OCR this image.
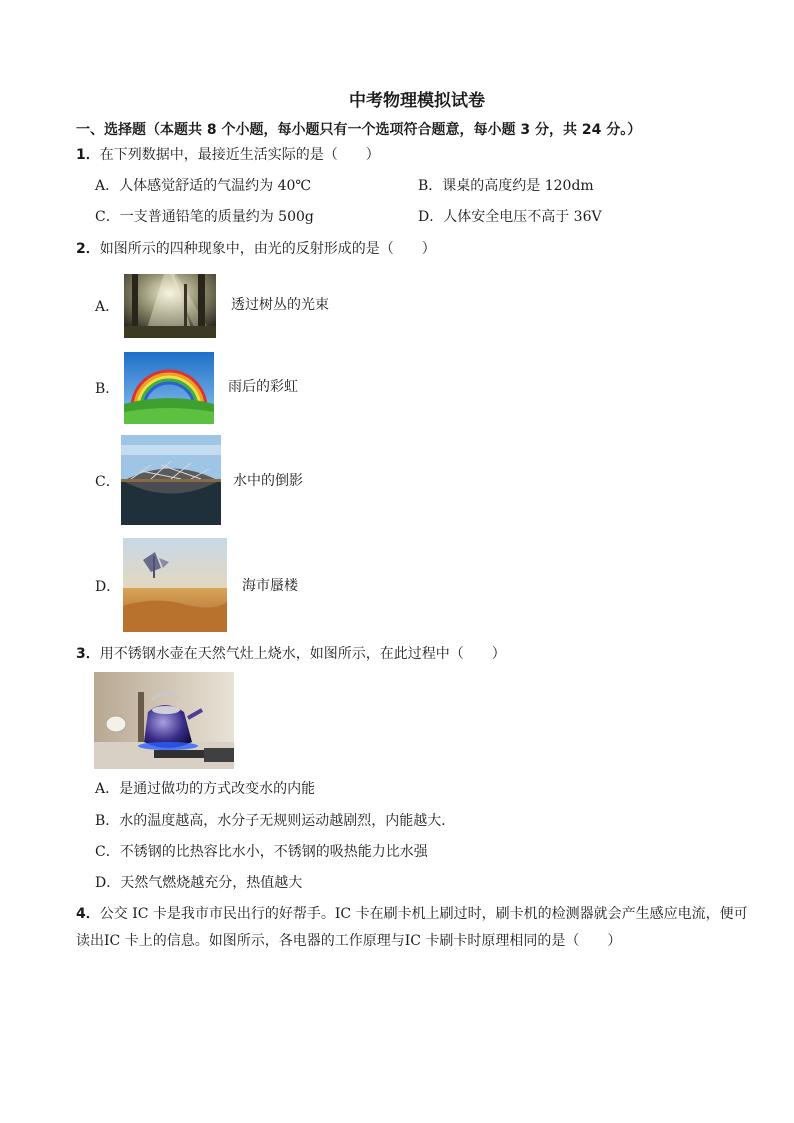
中考物理模拟试卷
一、选择题（本题共 8 个小题，每小题只有一个选项符合题意，每小题 3 分，共 24 分。）
1．在下列数据中，最接近生活实际的是（　　）
A．人体感觉舒适的气温约为 40℃	B．课桌的高度约是 120dm
C．一支普通铅笔的质量约为 500g	D．人体安全电压不高于 36V
2．如图所示的四种现象中，由光的反射形成的是（　　）
A．	透过树丛的光束
B．	雨后的彩虹
C．	水中的倒影
D．	海市蜃楼
3．用不锈钢水壶在天然气灶上烧水，如图所示，在此过程中（　　）
A．是通过做功的方式改变水的内能
B．水的温度越高，水分子无规则运动越剧烈，内能越大．
C．不锈钢的比热容比水小，不锈钢的吸热能力比水强
D．天然气燃烧越充分，热值越大
4．公交 IC 卡是我市市民出行的好帮手。IC 卡在刷卡机上刷过时，刷卡机的检测器就会产生感应电流，便可读出IC 卡上的信息。如图所示，各电器的工作原理与IC 卡刷卡时原理相同的是（　　）
